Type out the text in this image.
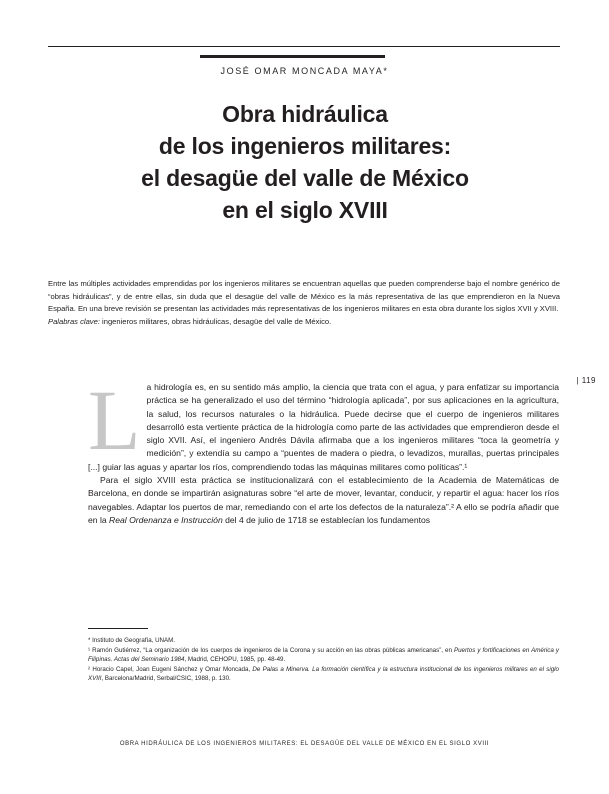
JOSÉ OMAR MONCADA MAYA*
Obra hidráulica
de los ingenieros militares:
el desagüe del valle de México
en el siglo XVIII

Entre las múltiples actividades emprendidas por los ingenieros militares se encuentran aquellas que pueden comprenderse bajo el nombre genérico de “obras hidráulicas”, y de entre ellas, sin duda que el desagüe del valle de México es la más representativa de las que emprendieron en la Nueva España. En una breve revisión se presentan las actividades más representativas de los ingenieros militares en esta obra durante los siglos XVII y XVIII.

Palabras clave: ingenieros militares, obras hidráulicas, desagüe del valle de México.

| 119
L a hidrología es, en su sentido más amplio, la ciencia que trata con el agua, y para enfatizar su importancia práctica se ha generalizado el uso del término “hidrología aplicada”, por sus aplicaciones en la agricultura, la salud, los recursos naturales o la hidráulica. Puede decirse que el cuerpo de ingenieros militares desarrolló esta vertiente práctica de la hidrología como parte de las actividades que emprendieron desde el siglo XVII. Así, el ingeniero Andrés Dávila afirmaba que a los ingenieros militares “toca la geometría y medición”, y extendía su campo a “puentes de madera o piedra, o levadizos, murallas, puertas principales [...] guiar las aguas y apartar los ríos, comprendiendo todas las máquinas militares como políticas”.¹

Para el siglo XVIII esta práctica se institucionalizará con el establecimiento de la Academia de Matemáticas de Barcelona, en donde se impartirán asignaturas sobre “el arte de mover, levantar, conducir, y repartir el agua: hacer los ríos navegables. Adaptar los puertos de mar, remediando con el arte los defectos de la naturaleza”.² A ello se podría añadir que en la Real Ordenanza e Instrucción del 4 de julio de 1718 se establecían los fundamentos

* Instituto de Geografía, UNAM.

¹ Ramón Gutiérrez, “La organización de los cuerpos de ingenieros de la Corona y su acción en las obras públicas americanas”, en Puertos y fortificaciones en América y Filipinas. Actas del Seminario 1984, Madrid, CEHOPU, 1985, pp. 48-49.

² Horacio Capel, Joan Eugeni Sánchez y Omar Moncada, De Palas a Minerva. La formación científica y la estructura institucional de los ingenieros militares en el siglo XVIII, Barcelona/Madrid, Serbal/CSIC, 1988, p. 130.

OBRA HIDRÁULICA DE LOS INGENIEROS MILITARES: EL DESAGÜE DEL VALLE DE MÉXICO EN EL SIGLO XVIII
